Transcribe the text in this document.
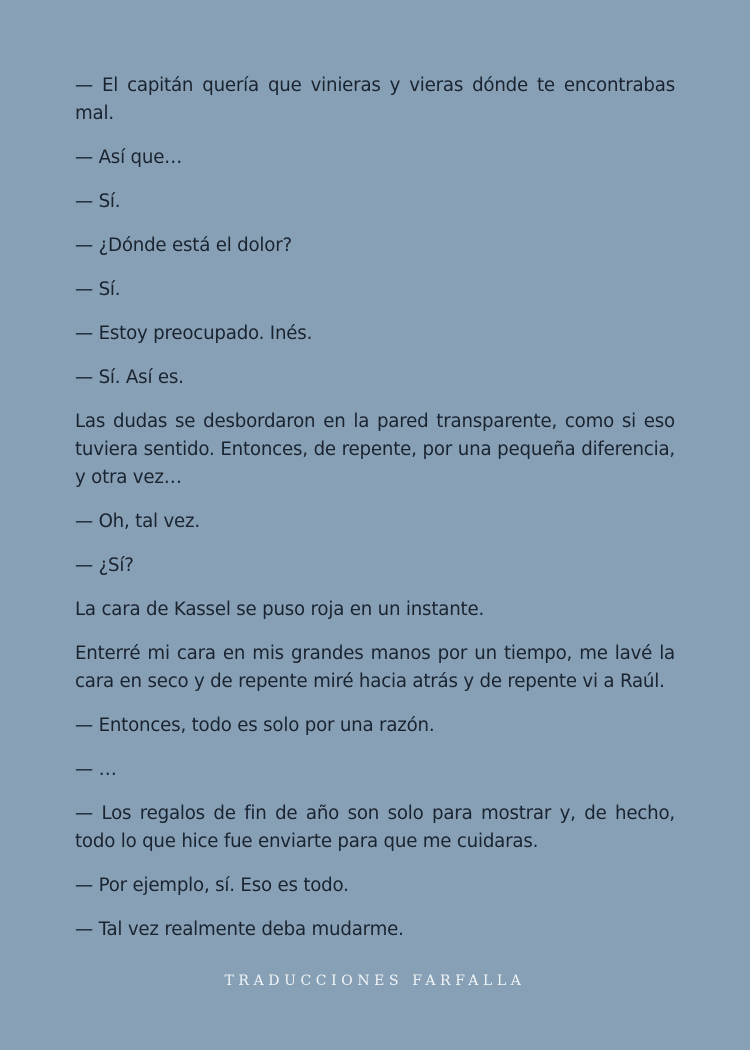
— El capitán quería que vinieras y vieras dónde te encontrabas mal.

— Así que…

— Sí.

— ¿Dónde está el dolor?

— Sí.

— Estoy preocupado. Inés.

— Sí. Así es.

Las dudas se desbordaron en la pared transparente, como si eso tuviera sentido. Entonces, de repente, por una pequeña diferencia, y otra vez…

— Oh, tal vez.

— ¿Sí?

La cara de Kassel se puso roja en un instante.

Enterré mi cara en mis grandes manos por un tiempo, me lavé la cara en seco y de repente miré hacia atrás y de repente vi a Raúl.

— Entonces, todo es solo por una razón.

— …

— Los regalos de fin de año son solo para mostrar y, de hecho, todo lo que hice fue enviarte para que me cuidaras.

— Por ejemplo, sí. Eso es todo.

— Tal vez realmente deba mudarme.

TRADUCCIONES FARFALLA
